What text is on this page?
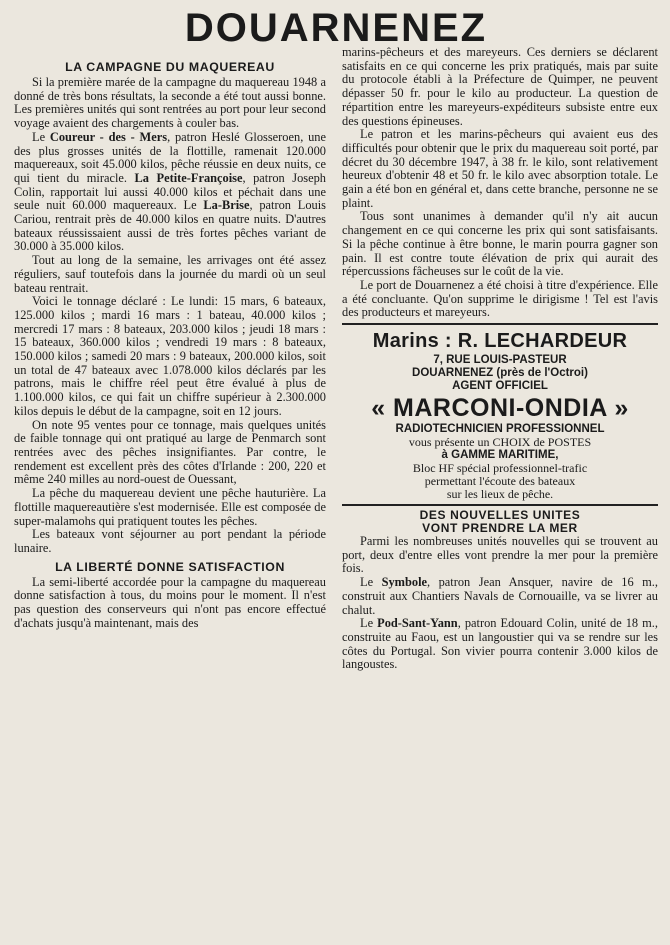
DOUARNENEZ
LA CAMPAGNE DU MAQUEREAU

Si la première marée de la campagne du maquereau 1948 a donné de très bons résultats, la seconde a été tout aussi bonne. Les premières unités qui sont rentrées au port pour leur second voyage avaient des chargements à couler bas.

Le Coureur - des - Mers, patron Heslé Glosseroen, une des plus grosses unités de la flottille, ramenait 120.000 maquereaux, soit 45.000 kilos, pêche réussie en deux nuits, ce qui tient du miracle. La Petite-Françoise, patron Joseph Colin, rapportait lui aussi 40.000 kilos et péchait dans une seule nuit 60.000 maquereaux. Le La-Brise, patron Louis Cariou, rentrait près de 40.000 kilos en quatre nuits. D'autres bateaux réussissaient aussi de très fortes pêches variant de 30.000 à 35.000 kilos.

Tout au long de la semaine, les arrivages ont été assez réguliers, sauf toutefois dans la journée du mardi où un seul bateau rentrait.

Voici le tonnage déclaré : Le lundi: 15 mars, 6 bateaux, 125.000 kilos ; mardi 16 mars : 1 bateau, 40.000 kilos ; mercredi 17 mars : 8 bateaux, 203.000 kilos ; jeudi 18 mars : 15 bateaux, 360.000 kilos ; vendredi 19 mars : 8 bateaux, 150.000 kilos ; samedi 20 mars : 9 bateaux, 200.000 kilos, soit un total de 47 bateaux avec 1.078.000 kilos déclarés par les patrons, mais le chiffre réel peut être évalué à plus de 1.100.000 kilos, ce qui fait un chiffre supérieur à 2.300.000 kilos depuis le début de la campagne, soit en 12 jours.

On note 95 ventes pour ce tonnage, mais quelques unités de faible tonnage qui ont pratiqué au large de Penmarch sont rentrées avec des pêches insignifiantes. Par contre, le rendement est excellent près des côtes d'Irlande : 200, 220 et même 240 milles au nord-ouest de Ouessant,

La pêche du maquereau devient une pêche hauturière. La flottille maquereautière s'est modernisée. Elle est composée de super-malamohs qui pratiquent toutes les pêches.

Les bateaux vont séjourner au port pendant la période lunaire.

LA LIBERTÉ DONNE SATISFACTION

La semi-liberté accordée pour la campagne du maquereau donne satisfaction à tous, du moins pour le moment. Il n'est pas question des conserveurs qui n'ont pas encore effectué d'achats jusqu'à maintenant, mais des

marins-pêcheurs et des mareyeurs. Ces derniers se déclarent satisfaits en ce qui concerne les prix pratiqués, mais par suite du protocole établi à la Préfecture de Quimper, ne peuvent dépasser 50 fr. pour le kilo au producteur. La question de répartition entre les mareyeurs-expéditeurs subsiste entre eux des questions épineuses.

Le patron et les marins-pêcheurs qui avaient eus des difficultés pour obtenir que le prix du maquereau soit porté, par décret du 30 décembre 1947, à 38 fr. le kilo, sont relativement heureux d'obtenir 48 et 50 fr. le kilo avec absorption totale. Le gain a été bon en général et, dans cette branche, personne ne se plaint.

Tous sont unanimes à demander qu'il n'y ait aucun changement en ce qui concerne les prix qui sont satisfaisants. Si la pêche continue à être bonne, le marin pourra gagner son pain. Il est contre toute élévation de prix qui aurait des répercussions fâcheuses sur le coût de la vie.

Le port de Douarnenez a été choisi à titre d'expérience. Elle a été concluante. Qu'on supprime le dirigisme ! Tel est l'avis des producteurs et mareyeurs.

Marins : R. LECHARDEUR
7, RUE LOUIS-PASTEUR
DOUARNENEZ (près de l'Octroi)
AGENT OFFICIEL
« MARCONI-ONDIA »
RADIOTECHNICIEN PROFESSIONNEL
vous présente un CHOIX de POSTES
à GAMME MARITIME,
Bloc HF spécial professionnel-trafic
permettant l'écoute des bateaux
sur les lieux de pêche.
DES NOUVELLES UNITES
VONT PRENDRE LA MER

Parmi les nombreuses unités nouvelles qui se trouvent au port, deux d'entre elles vont prendre la mer pour la première fois.

Le Symbole, patron Jean Ansquer, navire de 16 m., construit aux Chantiers Navals de Cornouaille, va se livrer au chalut.

Le Pod-Sant-Yann, patron Edouard Colin, unité de 18 m., construite au Faou, est un langoustier qui va se rendre sur les côtes du Portugal. Son vivier pourra contenir 3.000 kilos de langoustes.
